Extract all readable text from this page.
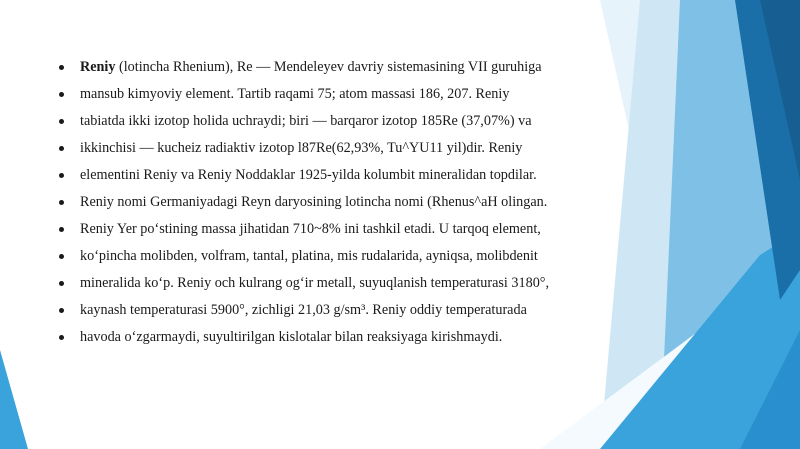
Reniy (lotincha Rhenium), Re — Mendeleyev davriy sistemasining VII guruhiga
mansub kimyoviy element. Tartib raqami 75; atom massasi 186, 207. Reniy
tabiatda ikki izotop holida uchraydi; biri — barqaror izotop 185Re (37,07%) va
ikkinchisi — kucheiz radiaktiv izotop l87Re(62,93%, Tu^YU11 yil)dir. Reniy
elementini Reniy va Reniy Noddaklar 1925-yilda kolumbit mineralidan topdilar.
Reniy nomi Germaniyadagi Reyn daryosining lotincha nomi (Rhenus^aH olingan.
Reniy Yer po‘stining massa jihatidan 710~8% ini tashkil etadi. U tarqoq element,
ko‘pincha molibden, volfram, tantal, platina, mis rudalarida, ayniqsa, molibdenit
mineralida ko‘p. Reniy och kulrang og‘ir metall, suyuqlanish temperaturasi 3180°,
kaynash temperaturasi 5900°, zichligi 21,03 g/sm³. Reniy oddiy temperaturada
havoda o‘zgarmaydi, suyultirilgan kislotalar bilan reaksiyaga kirishmaydi.
